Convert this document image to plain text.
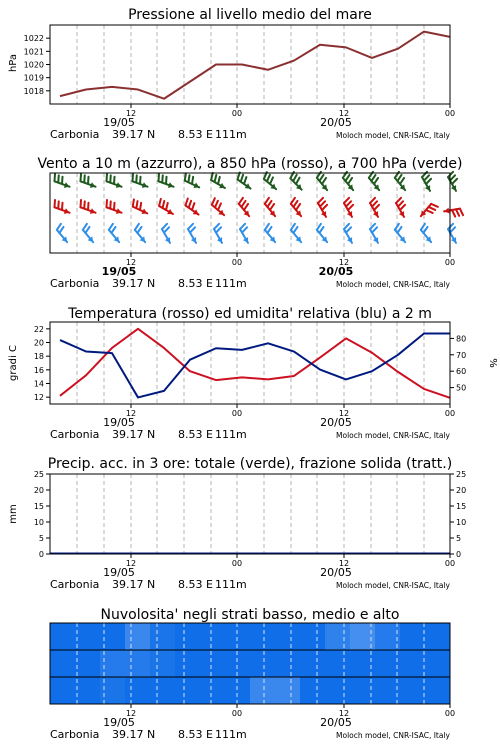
Pressione al livello medio del mare
1018
1019
1020
1021
1022
hPa
12	00	12	00
19/05	20/05
Carbonia 39.17 N 8.53 E 111m	Moloch model, CNR-ISAC, Italy
Vento a 10 m (azzurro), a 850 hPa (rosso), a 700 hPa (verde)
12	00	12	00
19/05	20/05
Carbonia 39.17 N 8.53 E 111m	Moloch model, CNR-ISAC, Italy
Temperatura (rosso) ed umidita' relativa (blu) a 2 m
12
14
16
18
20
22
50
60
70
80
gradi C	%
12	00	12	00
19/05	20/05
Carbonia 39.17 N 8.53 E 111m	Moloch model, CNR-ISAC, Italy
Precip. acc. in 3 ore: totale (verde), frazione solida (tratt.)
0
5
10
15
20
25
0
5
10
15
20
25
mm
12	00	12	00
19/05	20/05
Carbonia 39.17 N 8.53 E 111m	Moloch model, CNR-ISAC, Italy
Nuvolosita' negli strati basso, medio e alto
12	00	12	00
19/05	20/05
Carbonia 39.17 N 8.53 E 111m	Moloch model, CNR-ISAC, Italy
